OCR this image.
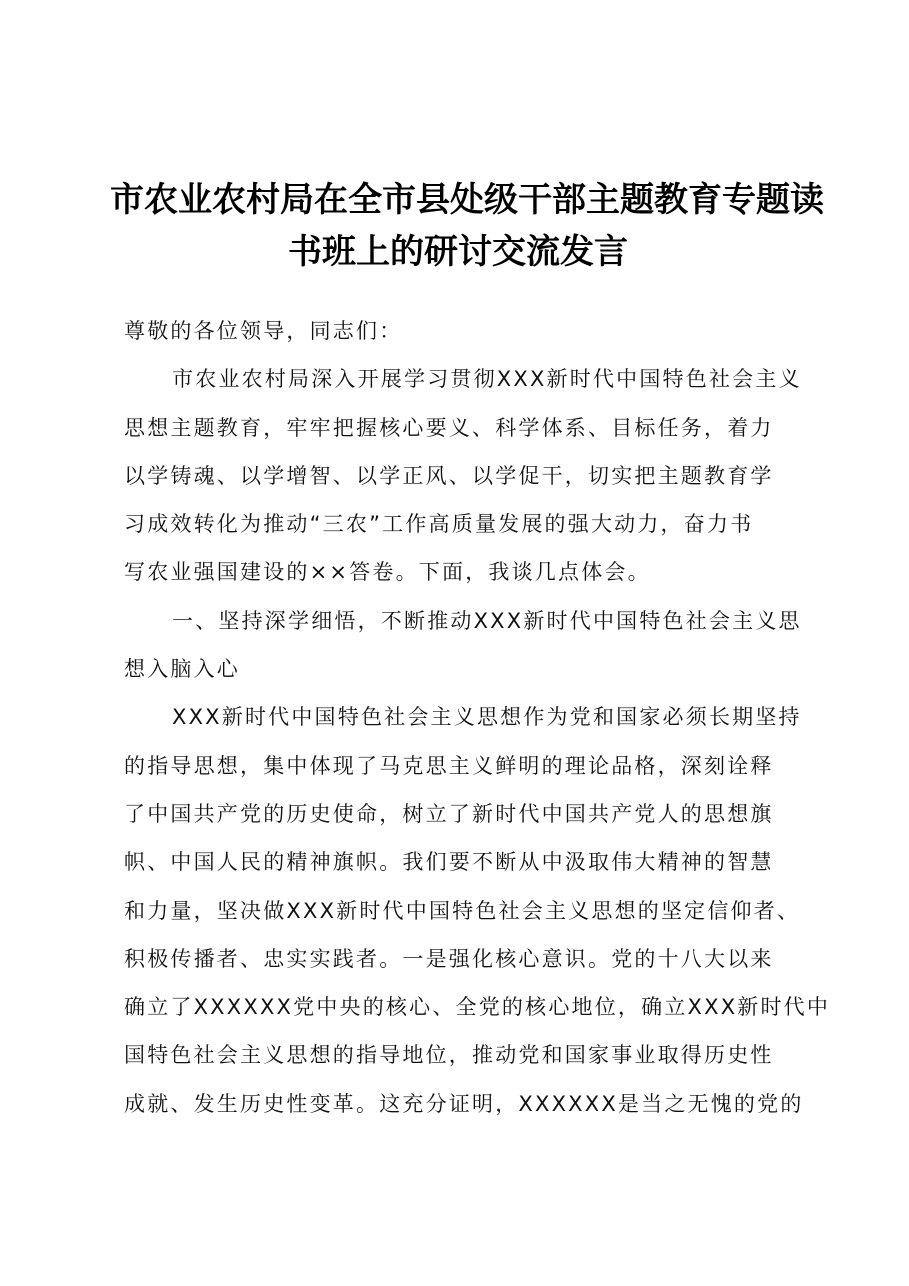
市农业农村局在全市县处级干部主题教育专题读
书班上的研讨交流发言
尊敬的各位领导，同志们：
市农业农村局深入开展学习贯彻XXX新时代中国特色社会主义
思想主题教育，牢牢把握核心要义、科学体系、目标任务，着力
以学铸魂、以学增智、以学正风、以学促干，切实把主题教育学
习成效转化为推动“三农”工作高质量发展的强大动力，奋力书
写农业强国建设的××答卷。下面，我谈几点体会。
一、坚持深学细悟，不断推动XXX新时代中国特色社会主义思
想入脑入心
XXX新时代中国特色社会主义思想作为党和国家必须长期坚持
的指导思想，集中体现了马克思主义鲜明的理论品格，深刻诠释
了中国共产党的历史使命，树立了新时代中国共产党人的思想旗
帜、中国人民的精神旗帜。我们要不断从中汲取伟大精神的智慧
和力量，坚决做XXX新时代中国特色社会主义思想的坚定信仰者、
积极传播者、忠实实践者。一是强化核心意识。党的十八大以来
确立了XXXXXX党中央的核心、全党的核心地位，确立XXX新时代中
国特色社会主义思想的指导地位，推动党和国家事业取得历史性
成就、发生历史性变革。这充分证明，XXXXXX是当之无愧的党的
